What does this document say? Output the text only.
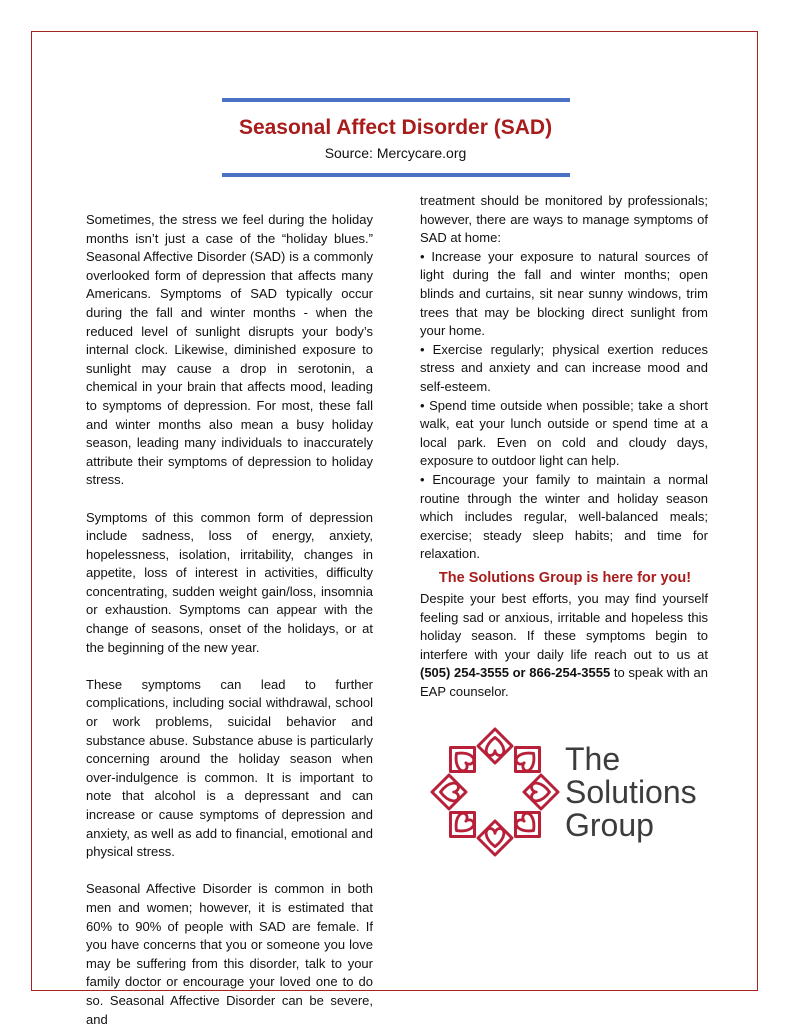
Seasonal Affect Disorder (SAD)

Source: Mercycare.org

Sometimes, the stress we feel during the holiday months isn’t just a case of the “holiday blues.” Seasonal Affective Disorder (SAD) is a commonly overlooked form of depression that affects many Americans. Symptoms of SAD typically occur during the fall and winter months - when the reduced level of sunlight disrupts your body’s internal clock. Likewise, diminished exposure to sunlight may cause a drop in serotonin, a chemical in your brain that affects mood, leading to symptoms of depression. For most, these fall and winter months also mean a busy holiday season, leading many individuals to inaccurately attribute their symptoms of depression to holiday stress.

Symptoms of this common form of depression include sadness, loss of energy, anxiety, hopelessness, isolation, irritability, changes in appetite, loss of interest in activities, difficulty concentrating, sudden weight gain/loss, insomnia or exhaustion. Symptoms can appear with the change of seasons, onset of the holidays, or at the beginning of the new year.

These symptoms can lead to further complications, including social withdrawal, school or work problems, suicidal behavior and substance abuse. Substance abuse is particularly concerning around the holiday season when over-indulgence is common. It is important to note that alcohol is a depressant and can increase or cause symptoms of depression and anxiety, as well as add to financial, emotional and physical stress.

Seasonal Affective Disorder is common in both men and women; however, it is estimated that 60% to 90% of people with SAD are female. If you have concerns that you or someone you love may be suffering from this disorder, talk to your family doctor or encourage your loved one to do so. Seasonal Affective Disorder can be severe, and

treatment should be monitored by professionals; however, there are ways to manage symptoms of SAD at home:

• Increase your exposure to natural sources of light during the fall and winter months; open blinds and curtains, sit near sunny windows, trim trees that may be blocking direct sunlight from your home.

• Exercise regularly; physical exertion reduces stress and anxiety and can increase mood and self-esteem.

• Spend time outside when possible; take a short walk, eat your lunch outside or spend time at a local park. Even on cold and cloudy days, exposure to outdoor light can help.

• Encourage your family to maintain a normal routine through the winter and holiday season which includes regular, well-balanced meals; exercise; steady sleep habits; and time for relaxation.

The Solutions Group is here for you!

Despite your best efforts, you may find yourself feeling sad or anxious, irritable and hopeless this holiday season. If these symptoms begin to interfere with your daily life reach out to us at (505) 254-3555 or 866-254-3555 to speak with an EAP counselor.

The
Solutions
Group
